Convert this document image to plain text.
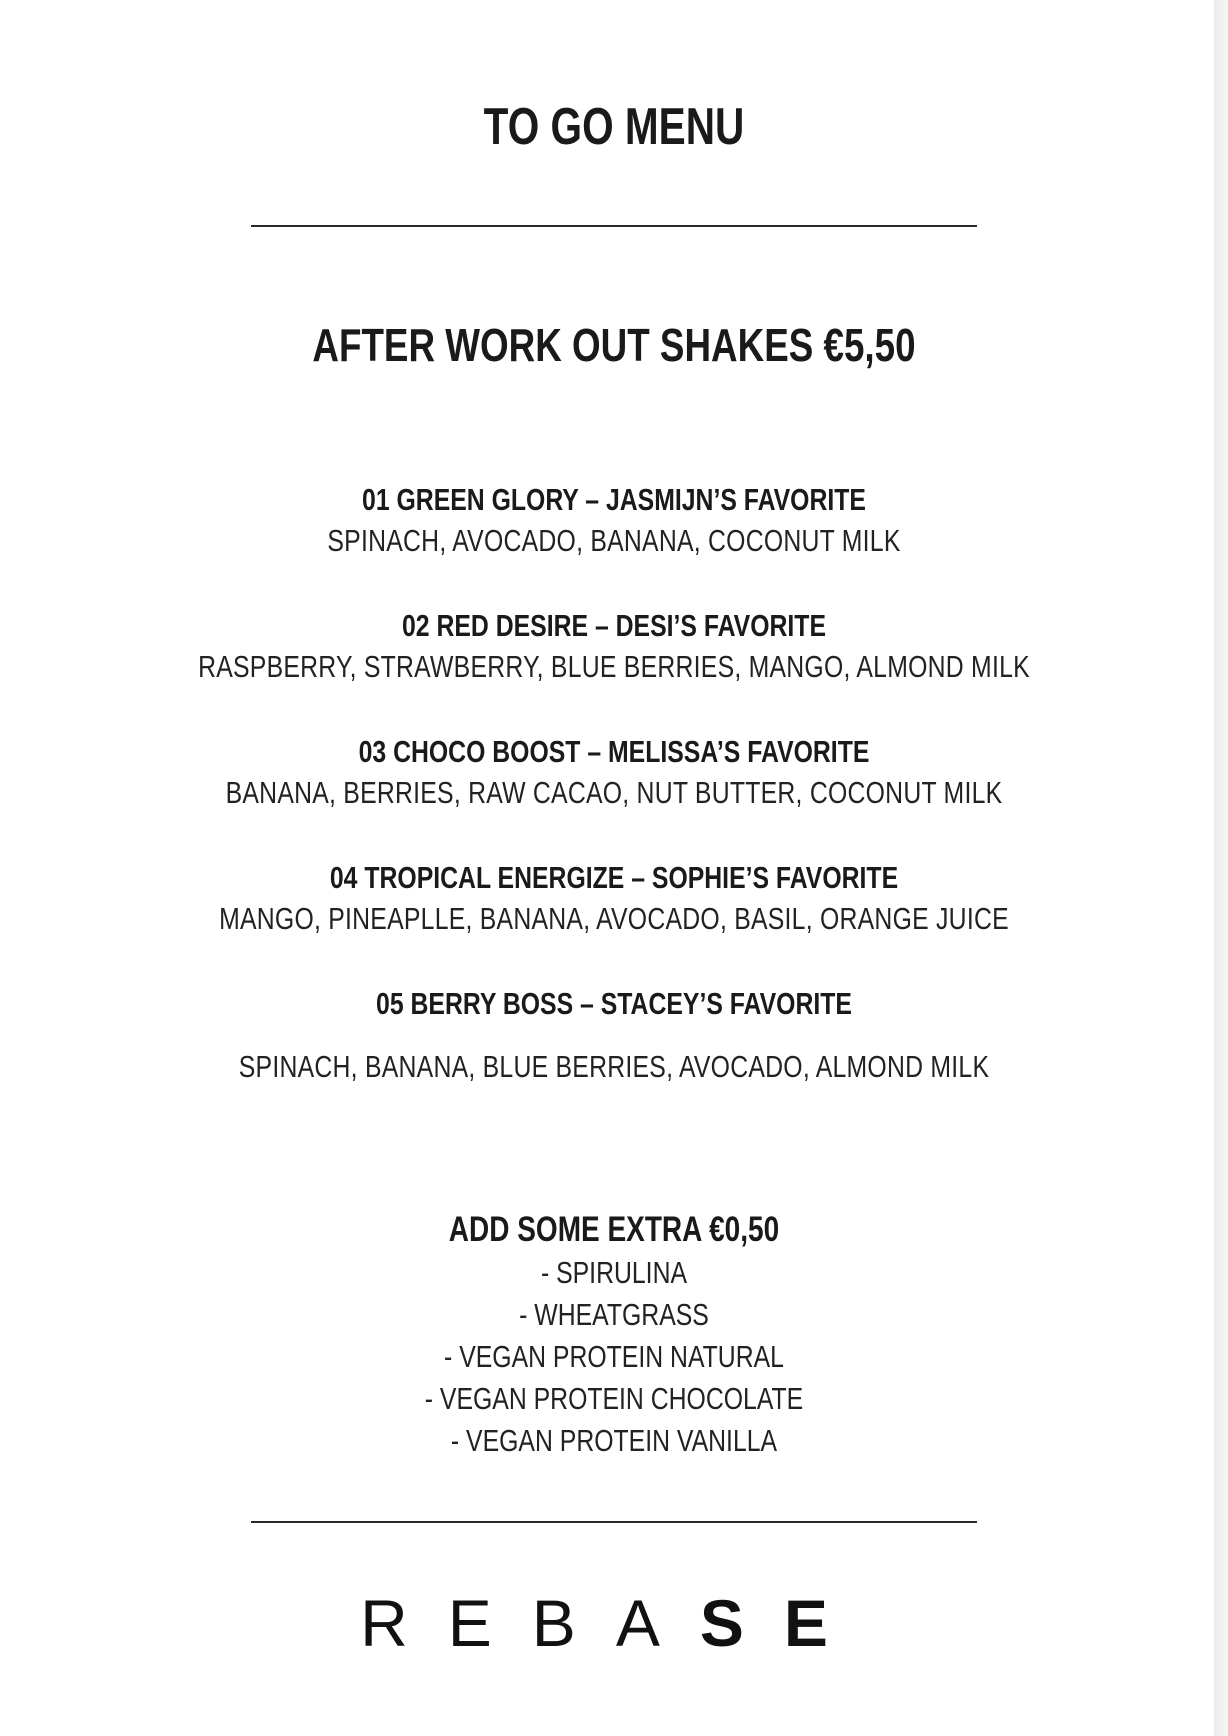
TO GO MENU
AFTER WORK OUT SHAKES €5,50
01 GREEN GLORY – JASMIJN’S FAVORITE
SPINACH, AVOCADO, BANANA, COCONUT MILK
02 RED DESIRE – DESI’S FAVORITE
RASPBERRY, STRAWBERRY, BLUE BERRIES, MANGO, ALMOND MILK
03 CHOCO BOOST – MELISSA’S FAVORITE
BANANA, BERRIES, RAW CACAO, NUT BUTTER, COCONUT MILK
04 TROPICAL ENERGIZE – SOPHIE’S FAVORITE
MANGO, PINEAPLLE, BANANA, AVOCADO, BASIL, ORANGE JUICE
05 BERRY BOSS – STACEY’S FAVORITE
SPINACH, BANANA, BLUE BERRIES, AVOCADO, ALMOND MILK
ADD SOME EXTRA €0,50
- SPIRULINA
- WHEATGRASS
- VEGAN PROTEIN NATURAL
- VEGAN PROTEIN CHOCOLATE
- VEGAN PROTEIN VANILLA
REBASE
